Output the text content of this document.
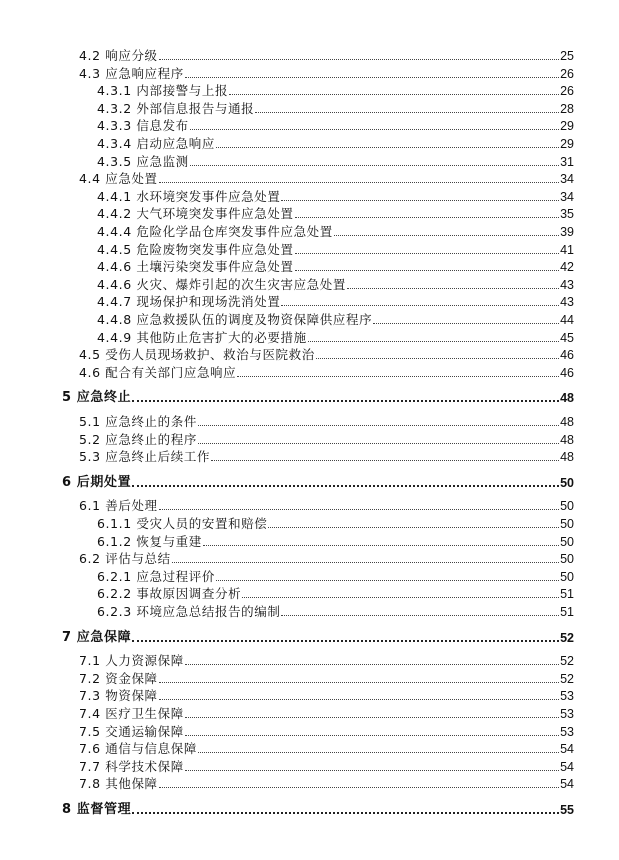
4.2 响应分级	25
4.3 应急响应程序	26
4.3.1 内部接警与上报	26
4.3.2 外部信息报告与通报	28
4.3.3 信息发布	29
4.3.4 启动应急响应	29
4.3.5 应急监测	31
4.4 应急处置	34
4.4.1 水环境突发事件应急处置	34
4.4.2 大气环境突发事件应急处置	35
4.4.4 危险化学品仓库突发事件应急处置	39
4.4.5 危险废物突发事件应急处置	41
4.4.6 土壤污染突发事件应急处置	42
4.4.6 火灾、爆炸引起的次生灾害应急处置	43
4.4.7 现场保护和现场洗消处置	43
4.4.8 应急救援队伍的调度及物资保障供应程序	44
4.4.9 其他防止危害扩大的必要措施	45
4.5 受伤人员现场救护、救治与医院救治	46
4.6 配合有关部门应急响应	46
5 应急终止	48
5.1 应急终止的条件	48
5.2 应急终止的程序	48
5.3 应急终止后续工作	48
6 后期处置	50
6.1 善后处理	50
6.1.1 受灾人员的安置和赔偿	50
6.1.2 恢复与重建	50
6.2 评估与总结	50
6.2.1 应急过程评价	50
6.2.2 事故原因调查分析	51
6.2.3 环境应急总结报告的编制	51
7 应急保障	52
7.1 人力资源保障	52
7.2 资金保障	52
7.3 物资保障	53
7.4 医疗卫生保障	53
7.5 交通运输保障	53
7.6 通信与信息保障	54
7.7 科学技术保障	54
7.8 其他保障	54
8 监督管理	55
